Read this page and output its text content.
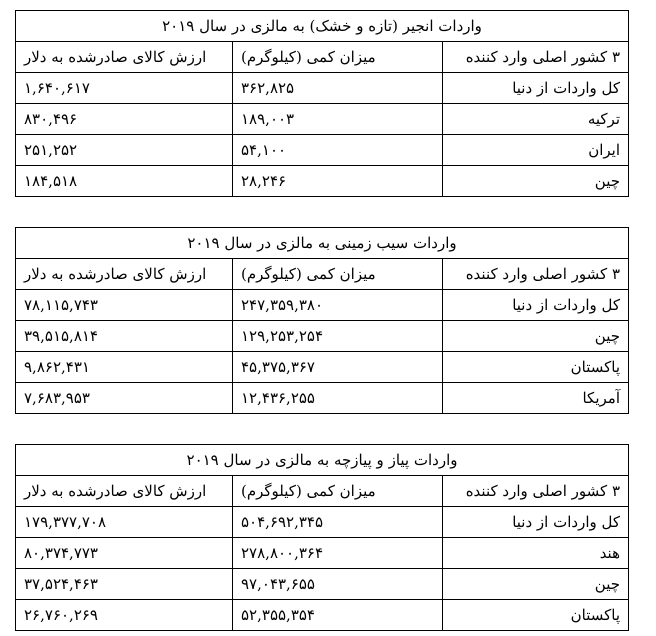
واردات انجیر (تازه و خشک) به مالزی در سال ۲۰۱۹		
۳ کشور اصلی وارد کننده	میزان کمی (کیلوگرم)	ارزش کالای صادرشده به دلار
کل واردات از دنیا	۳۶۲,۸۲۵	۱,۶۴۰,۶۱۷
ترکیه	۱۸۹,۰۰۳	۸۳۰,۴۹۶
ایران	۵۴,۱۰۰	۲۵۱,۲۵۲
چین	۲۸,۲۴۶	۱۸۴,۵۱۸
واردات سیب زمینی به مالزی در سال ۲۰۱۹		
۳ کشور اصلی وارد کننده	میزان کمی (کیلوگرم)	ارزش کالای صادرشده به دلار
کل واردات از دنیا	۲۴۷,۳۵۹,۳۸۰	۷۸,۱۱۵,۷۴۳
چین	۱۲۹,۲۵۳,۲۵۴	۳۹,۵۱۵,۸۱۴
پاکستان	۴۵,۳۷۵,۳۶۷	۹,۸۶۲,۴۳۱
آمریکا	۱۲,۴۳۶,۲۵۵	۷,۶۸۳,۹۵۳
واردات پیاز و پیازچه به مالزی در سال ۲۰۱۹		
۳ کشور اصلی وارد کننده	میزان کمی (کیلوگرم)	ارزش کالای صادرشده به دلار
کل واردات از دنیا	۵۰۴,۶۹۲,۳۴۵	۱۷۹,۳۷۷,۷۰۸
هند	۲۷۸,۸۰۰,۳۶۴	۸۰,۳۷۴,۷۷۳
چین	۹۷,۰۴۳,۶۵۵	۳۷,۵۲۴,۴۶۳
پاکستان	۵۲,۳۵۵,۳۵۴	۲۶,۷۶۰,۲۶۹
